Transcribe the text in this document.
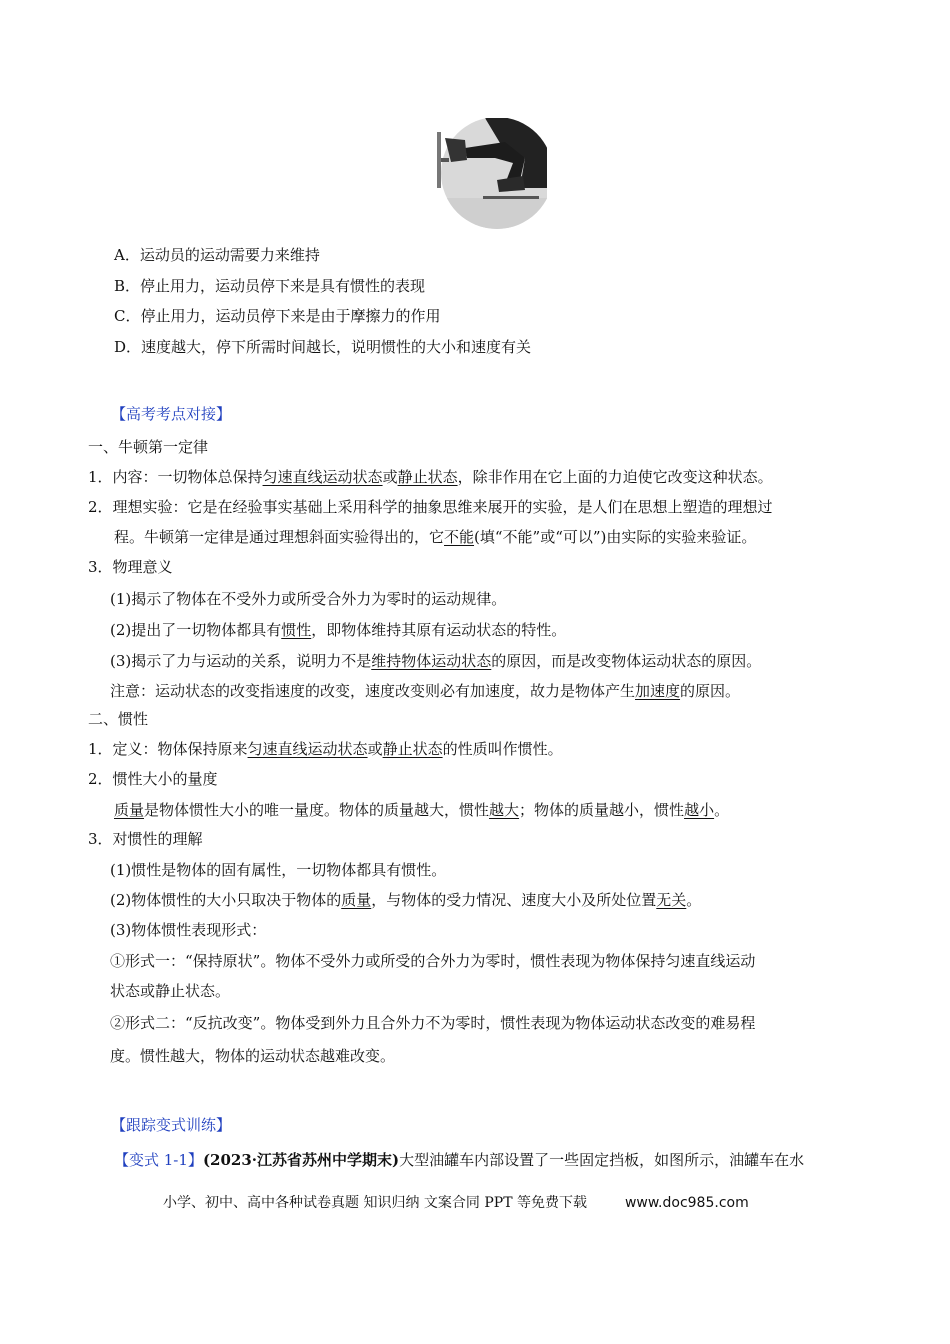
A．运动员的运动需要力来维持
B．停止用力，运动员停下来是具有惯性的表现
C．停止用力，运动员停下来是由于摩擦力的作用
D．速度越大，停下所需时间越长，说明惯性的大小和速度有关
【高考考点对接】
一、牛顿第一定律
1．内容：一切物体总保持匀速直线运动状态或静止状态，除非作用在它上面的力迫使它改变这种状态。
2．理想实验：它是在经验事实基础上采用科学的抽象思维来展开的实验，是人们在思想上塑造的理想过
程。牛顿第一定律是通过理想斜面实验得出的，它不能(填“不能”或“可以”)由实际的实验来验证。
3．物理意义
(1)揭示了物体在不受外力或所受合外力为零时的运动规律。
(2)提出了一切物体都具有惯性，即物体维持其原有运动状态的特性。
(3)揭示了力与运动的关系，说明力不是维持物体运动状态的原因，而是改变物体运动状态的原因。
注意：运动状态的改变指速度的改变，速度改变则必有加速度，故力是物体产生加速度的原因。
二、惯性
1．定义：物体保持原来匀速直线运动状态或静止状态的性质叫作惯性。
2．惯性大小的量度
质量是物体惯性大小的唯一量度。物体的质量越大，惯性越大；物体的质量越小，惯性越小。
3．对惯性的理解
(1)惯性是物体的固有属性，一切物体都具有惯性。
(2)物体惯性的大小只取决于物体的质量，与物体的受力情况、速度大小及所处位置无关。
(3)物体惯性表现形式：
①形式一：“保持原状”。物体不受外力或所受的合外力为零时，惯性表现为物体保持匀速直线运动
状态或静止状态。
②形式二：“反抗改变”。物体受到外力且合外力不为零时，惯性表现为物体运动状态改变的难易程
度。惯性越大，物体的运动状态越难改变。
【跟踪变式训练】
【变式 1-1】(2023·江苏省苏州中学期末)大型油罐车内部设置了一些固定挡板，如图所示，油罐车在水
小学、初中、高中各种试卷真题 知识归纳 文案合同 PPT 等免费下载	www.doc985.com
